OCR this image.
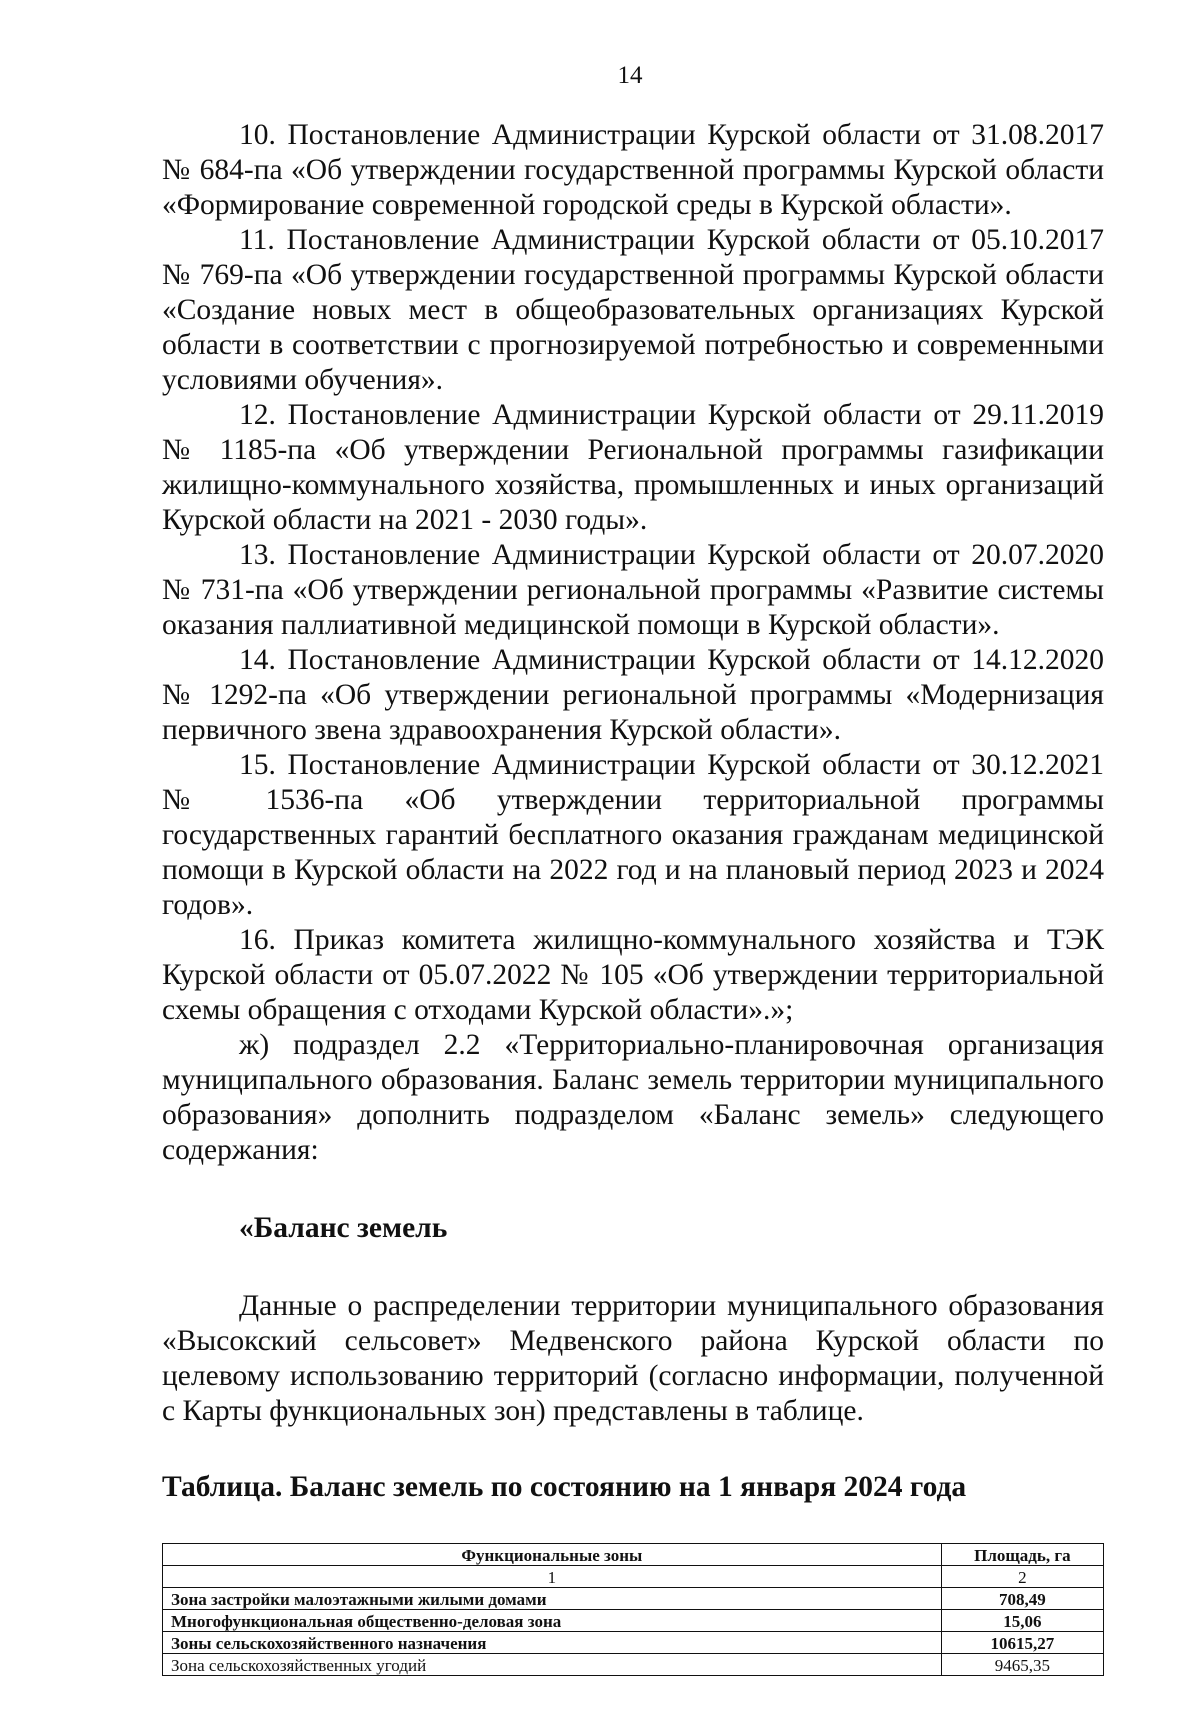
14

10. Постановление Администрации Курской области от 31.08.2017 № 684-па «Об утверждении государственной программы Курской области «Формирование современной городской среды в Курской области».

11. Постановление Администрации Курской области от 05.10.2017 № 769-па «Об утверждении государственной программы Курской области «Создание новых мест в общеобразовательных организациях Курской области в соответствии с прогнозируемой потребностью и современными условиями обучения».

12. Постановление Администрации Курской области от 29.11.2019 № 1185-па «Об утверждении Региональной программы газификации жилищно-коммунального хозяйства, промышленных и иных организаций Курской области на 2021 - 2030 годы».

13. Постановление Администрации Курской области от 20.07.2020 № 731-па «Об утверждении региональной программы «Развитие системы оказания паллиативной медицинской помощи в Курской области».

14. Постановление Администрации Курской области от 14.12.2020 № 1292-па «Об утверждении региональной программы «Модернизация первичного звена здравоохранения Курской области».

15. Постановление Администрации Курской области от 30.12.2021 № 1536-па «Об утверждении территориальной программы государственных гарантий бесплатного оказания гражданам медицинской помощи в Курской области на 2022 год и на плановый период 2023 и 2024 годов».

16. Приказ комитета жилищно-коммунального хозяйства и ТЭК Курской области от 05.07.2022 № 105 «Об утверждении территориальной схемы обращения с отходами Курской области».»;

ж) подраздел 2.2 «Территориально-планировочная организация муниципального образования. Баланс земель территории муниципального образования» дополнить подразделом «Баланс земель» следующего содержания:

«Баланс земель

Данные о распределении территории муниципального образования «Высокский сельсовет» Медвенского района Курской области по целевому использованию территорий (согласно информации, полученной с Карты функциональных зон) представлены в таблице.

Таблица. Баланс земель по состоянию на 1 января 2024 года

Функциональные зоны	Площадь, га
1	2
Зона застройки малоэтажными жилыми домами	708,49
Многофункциональная общественно-деловая зона	15,06
Зоны сельскохозяйственного назначения	10615,27
Зона сельскохозяйственных угодий	9465,35
